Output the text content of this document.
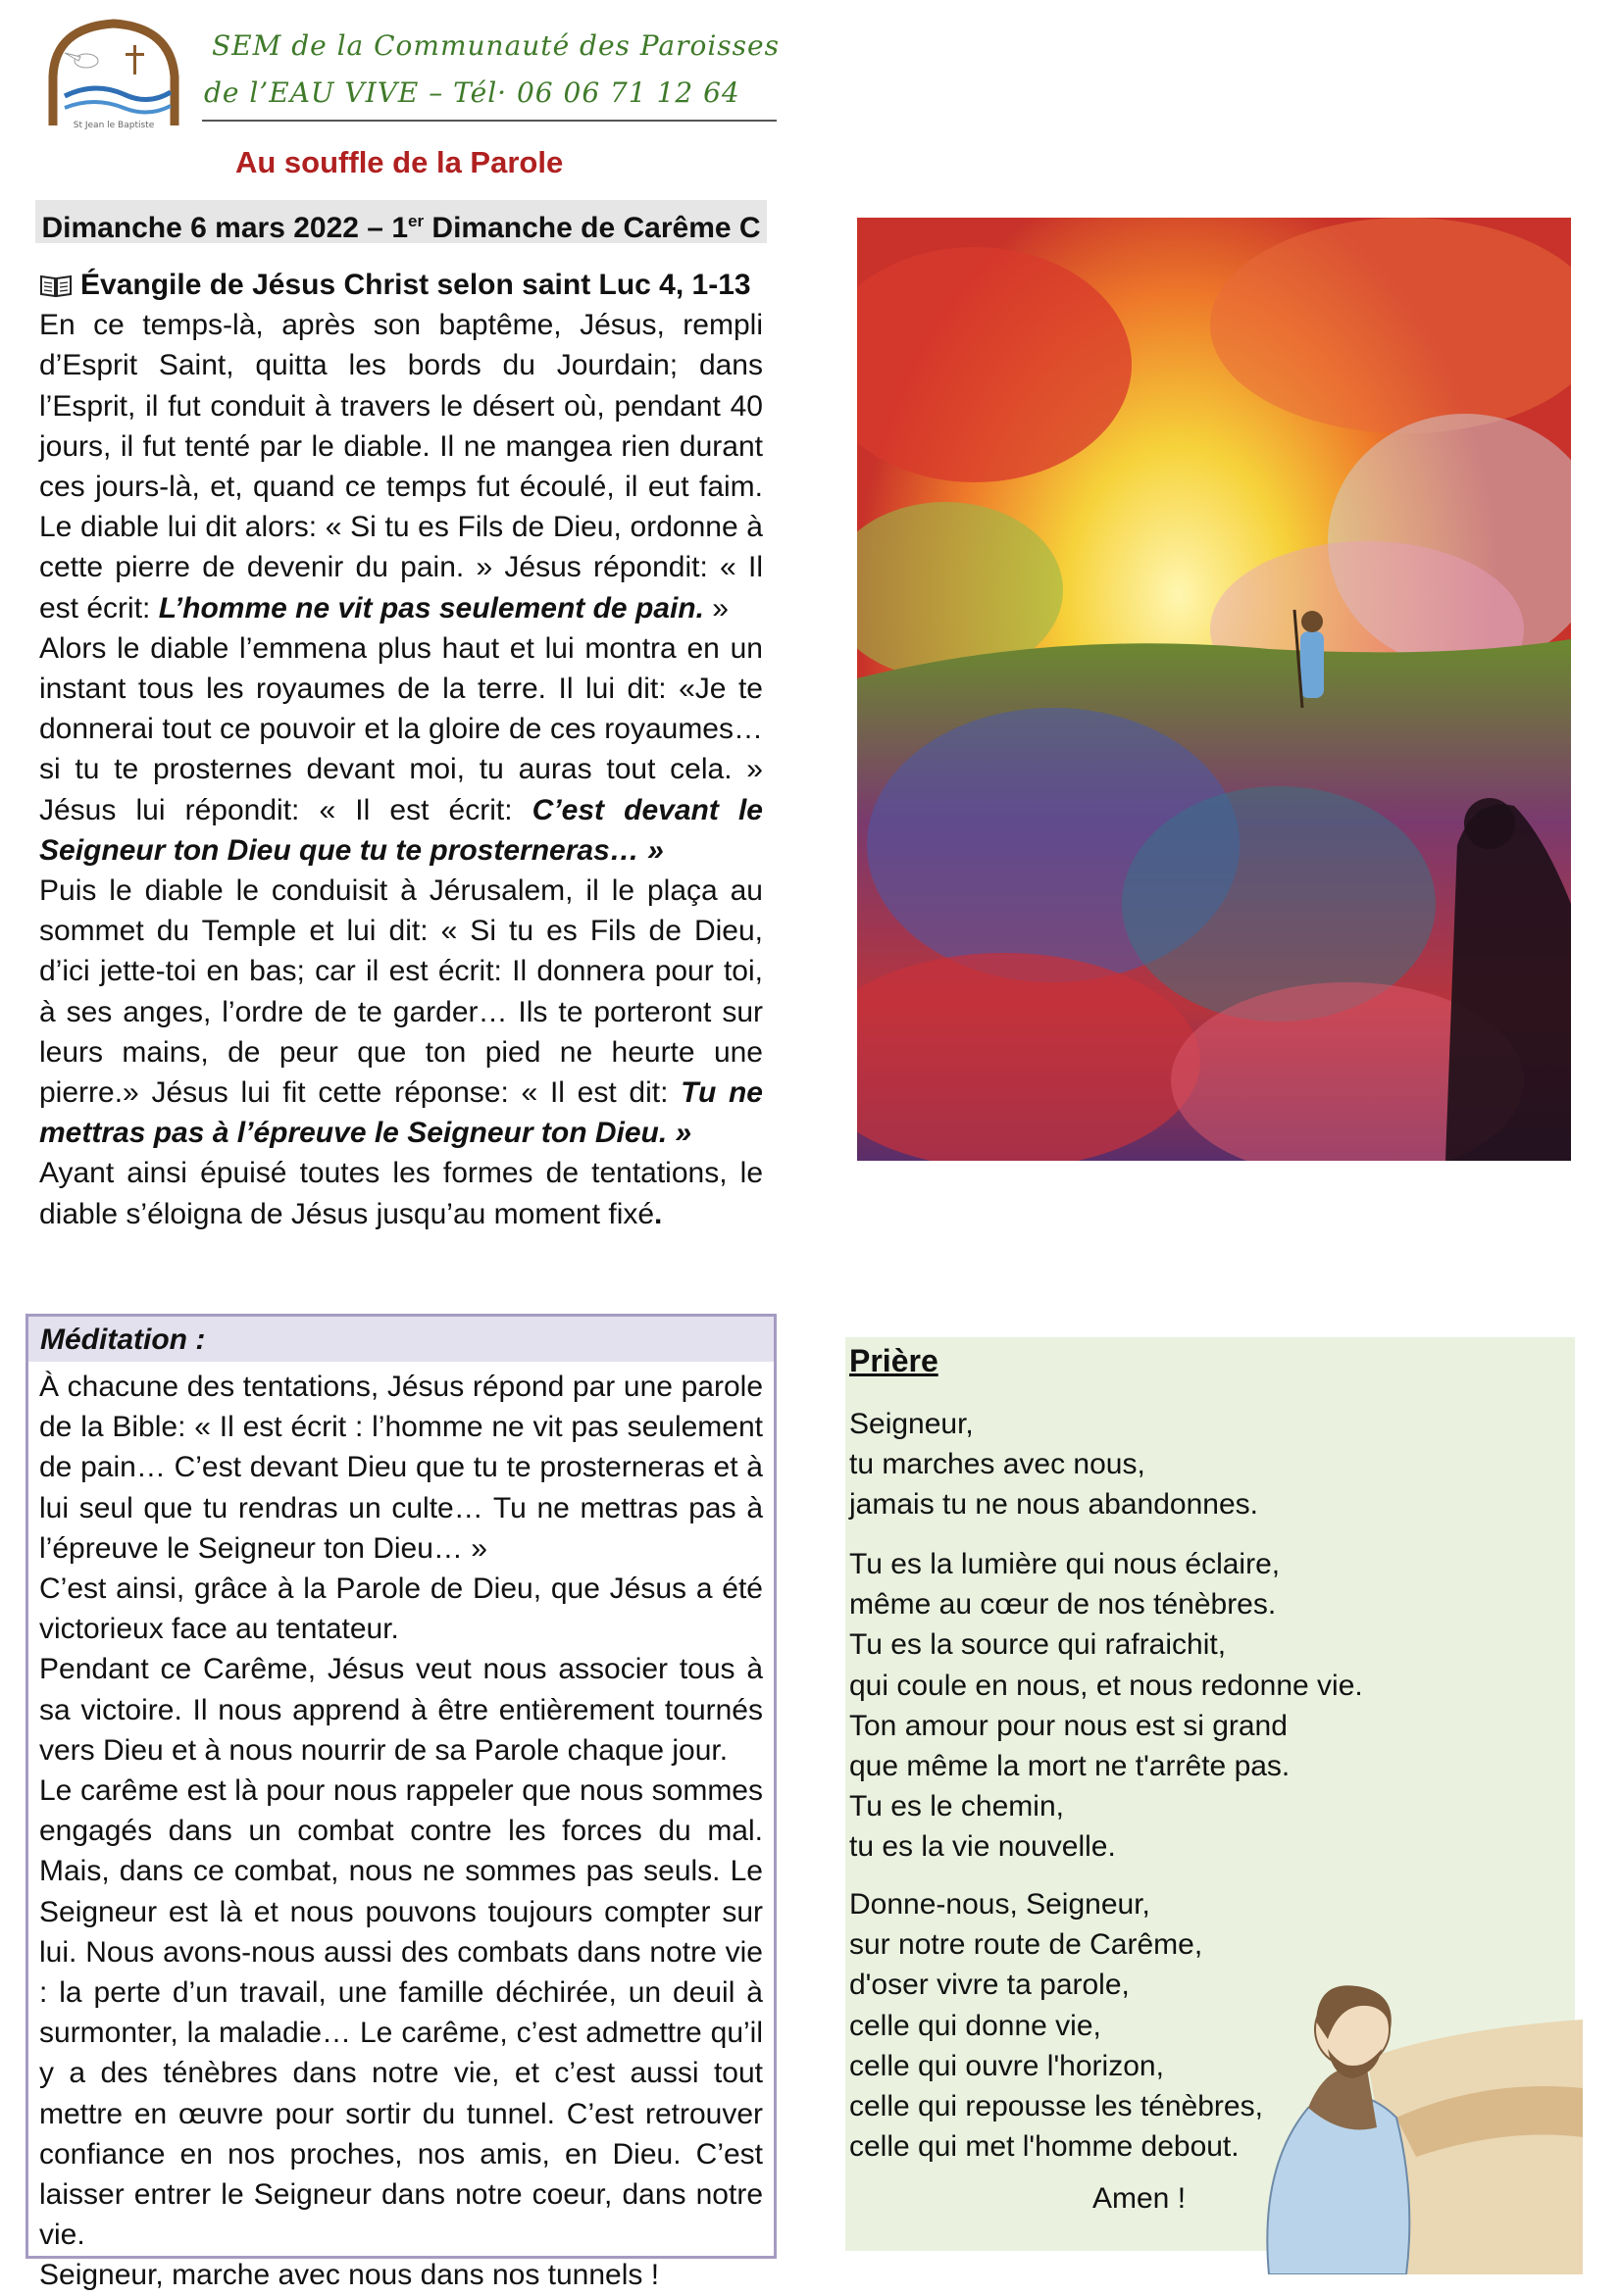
St Jean le Baptiste
SEM de la Communauté des Paroisses
de l’EAU VIVE – Tél· 06 06 71 12 64
Au souffle de la Parole
Dimanche 6 mars 2022 – 1er Dimanche de Carême C
Évangile de Jésus Christ selon saint Luc 4, 1-13

En ce temps-là, après son baptême, Jésus, rempli d’Esprit Saint, quitta les bords du Jourdain; dans l’Esprit, il fut conduit à travers le désert où, pendant 40 jours, il fut tenté par le diable. Il ne mangea rien durant ces jours-là, et, quand ce temps fut écoulé, il eut faim. Le diable lui dit alors: « Si tu es Fils de Dieu, ordonne à cette pierre de devenir du pain. » Jésus répondit: « Il est écrit: L’homme ne vit pas seulement de pain. »

Alors le diable l’emmena plus haut et lui montra en un instant tous les royaumes de la terre. Il lui dit: «Je te donnerai tout ce pouvoir et la gloire de ces royaumes… si tu te prosternes devant moi, tu auras tout cela. » Jésus lui répondit: « Il est écrit: C’est devant le Seigneur ton Dieu que tu te prosterneras… »

Puis le diable le conduisit à Jérusalem, il le plaça au sommet du Temple et lui dit: « Si tu es Fils de Dieu, d’ici jette-toi en bas; car il est écrit: Il donnera pour toi, à ses anges, l’ordre de te garder… Ils te porteront sur leurs mains, de peur que ton pied ne heurte une pierre.» Jésus lui fit cette réponse: « Il est dit: Tu ne mettras pas à l’épreuve le Seigneur ton Dieu. »

Ayant ainsi épuisé toutes les formes de tentations, le diable s’éloigna de Jésus jusqu’au moment fixé.

Méditation :

À chacune des tentations, Jésus répond par une parole de la Bible: « Il est écrit : l’homme ne vit pas seulement de pain… C’est devant Dieu que tu te prosterneras et à lui seul que tu rendras un culte… Tu ne mettras pas à l’épreuve le Seigneur ton Dieu… »

C’est ainsi, grâce à la Parole de Dieu, que Jésus a été victorieux face au tentateur.

Pendant ce Carême, Jésus veut nous associer tous à sa victoire. Il nous apprend à être entièrement tournés vers Dieu et à nous nourrir de sa Parole chaque jour.

Le carême est là pour nous rappeler que nous sommes engagés dans un combat contre les forces du mal. Mais, dans ce combat, nous ne sommes pas seuls. Le Seigneur est là et nous pouvons toujours compter sur lui. Nous avons-nous aussi des combats dans notre vie : la perte d’un travail, une famille déchirée, un deuil à surmonter, la maladie… Le carême, c’est admettre qu’il y a des ténèbres dans notre vie, et c’est aussi tout mettre en œuvre pour sortir du tunnel. C’est retrouver confiance en nos proches, nos amis, en Dieu. C’est laisser entrer le Seigneur dans notre coeur, dans notre vie.

Seigneur, marche avec nous dans nos tunnels !

Prière
Seigneur,
tu marches avec nous,
jamais tu ne nous abandonnes.
Tu es la lumière qui nous éclaire,
même au cœur de nos ténèbres.
Tu es la source qui rafraichit,
qui coule en nous, et nous redonne vie.
Ton amour pour nous est si grand
que même la mort ne t'arrête pas.
Tu es le chemin,
tu es la vie nouvelle.
Donne-nous, Seigneur,
sur notre route de Carême,
d'oser vivre ta parole,
celle qui donne vie,
celle qui ouvre l'horizon,
celle qui repousse les ténèbres,
celle qui met l'homme debout.
Amen !
